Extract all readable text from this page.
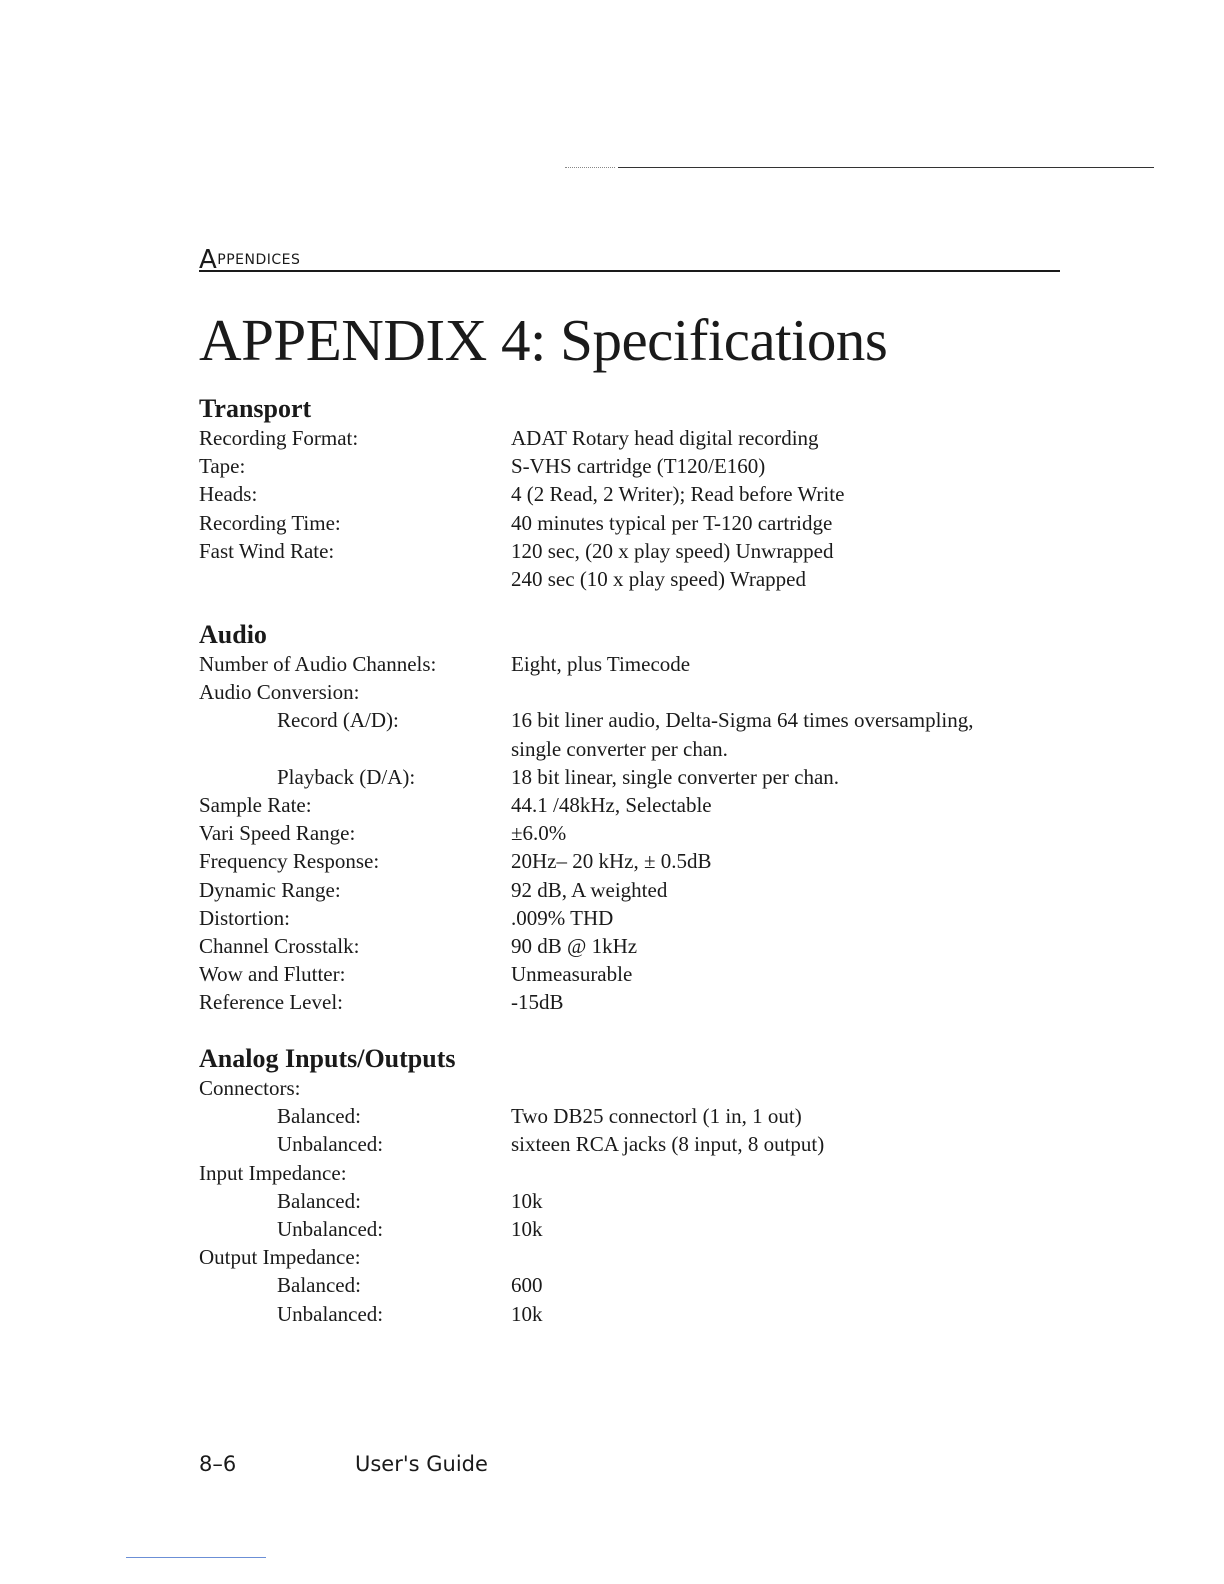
APPENDICES
APPENDIX 4: Specifications
Transport
Recording Format:	ADAT Rotary head digital recording
Tape:	S-VHS cartridge (T120/E160)
Heads:	4 (2 Read, 2 Writer); Read before Write
Recording Time:	40 minutes typical per T-120 cartridge
Fast Wind Rate:	120 sec, (20 x play speed) Unwrapped
240 sec (10 x play speed) Wrapped
Audio
Number of Audio Channels:	Eight, plus Timecode
Audio Conversion:
Record (A/D):	16 bit liner audio, Delta-Sigma 64 times oversampling,
single converter per chan.
Playback (D/A):	18 bit linear, single converter per chan.
Sample Rate:	44.1 /48kHz, Selectable
Vari Speed Range:	±6.0%
Frequency Response:	20Hz– 20 kHz, ± 0.5dB
Dynamic Range:	92 dB, A weighted
Distortion:	.009% THD
Channel Crosstalk:	90 dB @ 1kHz
Wow and Flutter:	Unmeasurable
Reference Level:	-15dB
Analog Inputs/Outputs
Connectors:
Balanced:	Two DB25 connectorl (1 in, 1 out)
Unbalanced:	sixteen RCA jacks (8 input, 8 output)
Input Impedance:
Balanced:	10k
Unbalanced:	10k
Output Impedance:
Balanced:	600
Unbalanced:	10k
8–6	User's Guide
